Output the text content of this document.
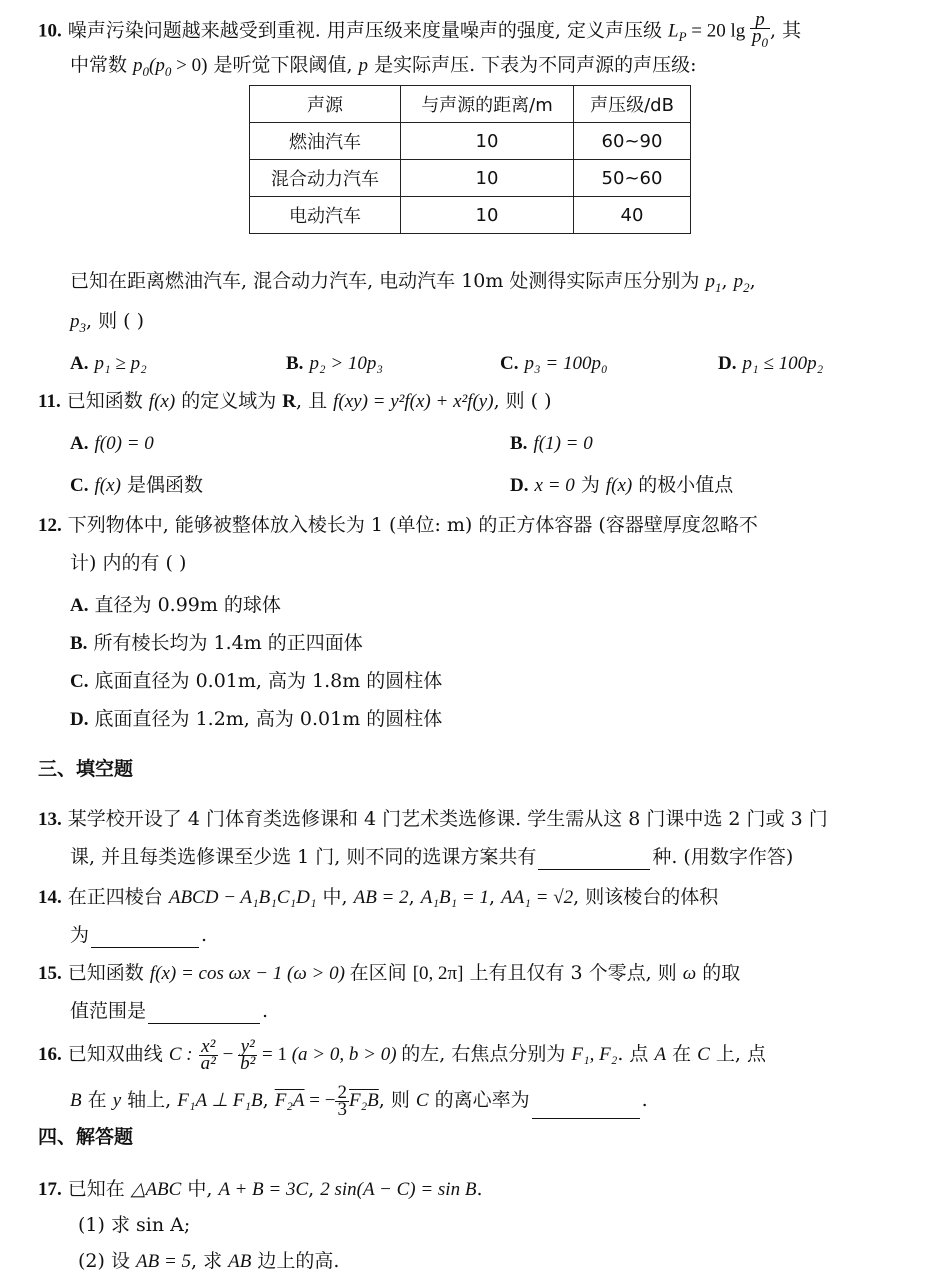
10. 噪声污染问题越来越受到重视. 用声压级来度量噪声的强度, 定义声压级 $L_P = 20$ $\lg \frac{p}{p_0}$ , 其
中常数 $p_0(p_0 > 0)$ 是听觉下限阈值, p 是实际声压. 下表为不同声源的声压级:
声源	与声源的距离/m	声压级/dB
燃油汽车	10	60~90
混合动力汽车	10	50~60
电动汽车	10	40
已知在距离燃油汽车, 混合动力汽车, 电动汽车 10m 处测得实际声压分别为 $p_1$, $p_2$,
$p_3$, 则 ( )
A. p₁ ≥ p₂	B. p₂ > 10p₃	C. p₃ = 100p₀	D. p₁ ≤ 100p₂
11. 已知函数 f(x) 的定义域为 R, 且 f(xy) = y²f(x) + x²f(y), 则 ( )
A. f(0) = 0	B. f(1) = 0
C. f(x) 是偶函数	D. x = 0 为 f(x) 的极小值点
12. 下列物体中, 能够被整体放入棱长为 1 (单位: m) 的正方体容器 (容器壁厚度忽略不
计) 内的有 ( )
A. 直径为 0.99m 的球体
B. 所有棱长均为 1.4m 的正四面体
C. 底面直径为 0.01m, 高为 1.8m 的圆柱体
D. 底面直径为 1.2m, 高为 0.01m 的圆柱体
三、填空题
13. 某学校开设了 4 门体育类选修课和 4 门艺术类选修课. 学生需从这 8 门课中选 2 门或 3 门
课, 并且每类选修课至少选 1 门, 则不同的选课方案共有	种. (用数字作答)
14. 在正四棱台 ABCD − A₁B₁C₁D₁ 中, AB = 2, A₁B₁ = 1, AA₁ = √2, 则该棱台的体积
为	.
15. 已知函数 f(x) = cos ωx − 1 (ω > 0) 在区间 [0, 2π] 上有且仅有 3 个零点, 则 ω 的取
值范围是	.
16. 已知双曲线 C : $\frac{\text{x²}}{\text{a²}} - \frac{\text{y²}}{\text{b²}} = 1$ (a > 0, b > 0) 的左, 右焦点分别为 F₁, F₂. 点 A 在 C 上, 点
B 在 y 轴上, F₁A ⊥ F₁B, F₂A = − $\frac{2}{3} F_2B$, 则 C 的离心率为	.
四、解答题
17. 已知在 △ABC 中, A + B = 3C, 2 sin(A − C) = sin B.
(1) 求 sin A;
(2) 设 AB = 5, 求 AB 边上的高.
